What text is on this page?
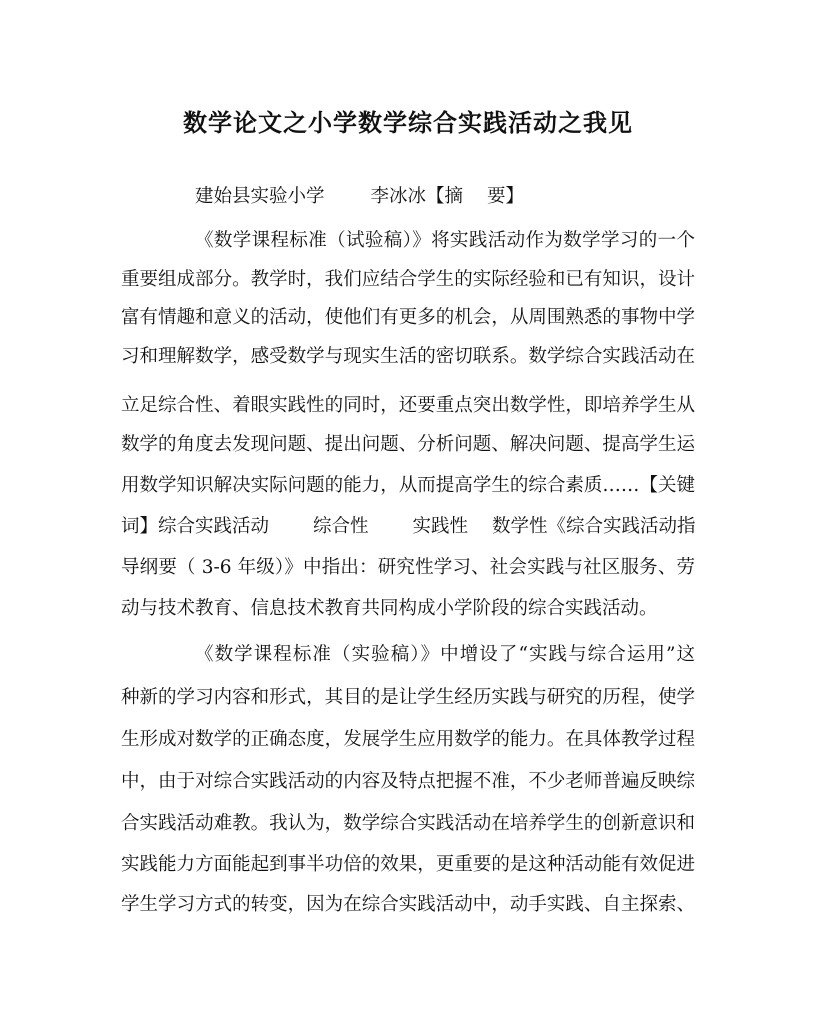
数学论文之小学数学综合实践活动之我见
建始县实验小学 李冰冰【摘 要】
《数学课程标准（试验稿）》将实践活动作为数学学习的一个
重要组成部分。教学时，我们应结合学生的实际经验和已有知识，设计
富有情趣和意义的活动，使他们有更多的机会，从周围熟悉的事物中学
习和理解数学，感受数学与现实生活的密切联系。数学综合实践活动在
立足综合性、着眼实践性的同时，还要重点突出数学性，即培养学生从
数学的角度去发现问题、提出问题、分析问题、解决问题、提高学生运
用数学知识解决实际问题的能力，从而提高学生的综合素质……【关键
词】综合实践活动 综合性 实践性 数学性《综合实践活动指
导纲要（ 3-6 年级）》中指出：研究性学习、社会实践与社区服务、劳
动与技术教育、信息技术教育共同构成小学阶段的综合实践活动。
《数学课程标准（实验稿）》中增设了“实践与综合运用”这
种新的学习内容和形式，其目的是让学生经历实践与研究的历程，使学
生形成对数学的正确态度，发展学生应用数学的能力。在具体教学过程
中，由于对综合实践活动的内容及特点把握不准，不少老师普遍反映综
合实践活动难教。我认为，数学综合实践活动在培养学生的创新意识和
实践能力方面能起到事半功倍的效果，更重要的是这种活动能有效促进
学生学习方式的转变，因为在综合实践活动中，动手实践、自主探索、
